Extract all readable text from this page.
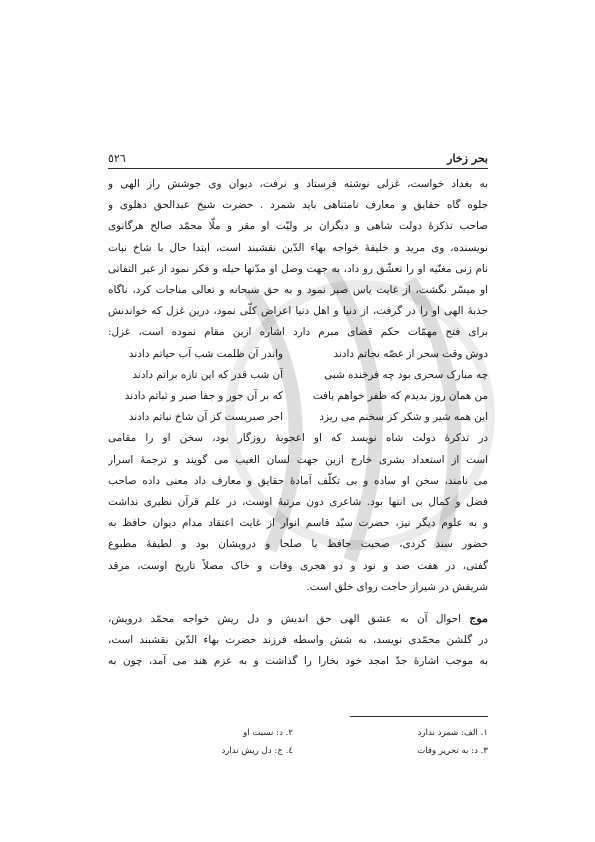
بحر زخار
٥٢٦
به بغداد خواست، غزلی نوشته فرستاد و نرفت، دیوان وی جوشش راز الهی و
جلوه گاه حقایق و معارف نامتناهی باید شمرد . حضرت شیخ عبدالحق دهلوی و
صاحب تذکرۀ دولت شاهی و دیگران بر ولیّت او مقر و ملّا محمّد صالح هرگانوی
نویسنده، وی مرید و خلیفۀ خواجه بهاء الدّین نقشبند است، ابتدا حال با شاخ نبات
نام زنی مغنّیه او را تعشّق رو داد، به جهت وصل او مدّتها حیله و فکر نمود از غیر التفاتی
او میسّر نگشت، از غایت یاس صبر نمود و به حق سبحانه و تعالی مناجات کرد، ناگاه
جذبۀ الهی او را در گرفت، از دنیا و اهل دنیا اعراض کلّی نمود، درین غزل که خواندنش
برای فتح مهمّات حکم قضای مبرم دارد اشاره ازین مقام نموده است، غزل:
دوش وقت سحر از غصّه نجاتم دادند
واندر آن ظلمت شب آب حیاتم دادند
چه مبارک سحری بود چه فرخنده شبی
آن شب قدر که این تازه براتم دادند
من همان روز بدیدم که ظفر خواهم یافت
که بر آن جور و جفا صبر و ثباتم دادند
این همه شیر و شکر کز سخنم می ریزد
اجر صبریست کز آن شاخ نباتم دادند
در تذکرۀ دولت شاه نویسد که او اعجوبۀ روزگار بود، سخن او را مقامی
است از استعداد بشری خارج ازین جهت لسان الغیب می گویند و ترجمۀ اسرار
می نامند، سخن او ساده و بی تکلّف آمادۀ حقایق و معارف داد معنی داده صاحب
فضل و کمال بی انتها بود. شاعری دون مرتبۀ اوست، در علم قرآن نظیری نداشت
و به علوم دیگر نیز، حضرت سیّد قاسم انوار از غایت اعتقاد مدام دیوان حافظ به
حضور سند کردی، صحبت حافظ با صلحا و درویشان بود و لطیفۀ مطبوع
گفتی، در هفت صد و نود و دو هجری وفات و خاک مصلاً تاریخ اوست، مرقد
شریفش در شیراز حاجت روای خلق است.
موج احوال آن به عشق الهی حق اندیش و دل ریش خواجه محمّد درویش،
در گلشن محمّدی نویسد، به شش واسطه فرزند حضرت بهاء الدّین نقشبند است،
به موجب اشارۀ جدّ امجد خود بخارا را گذاشت و به عزم هند می آمد، چون به
١. الف: شمرد ندارد
٢. د: نسبت او
٣. د: به تحریر وفات
٤. ج: دل ریش ندارد
